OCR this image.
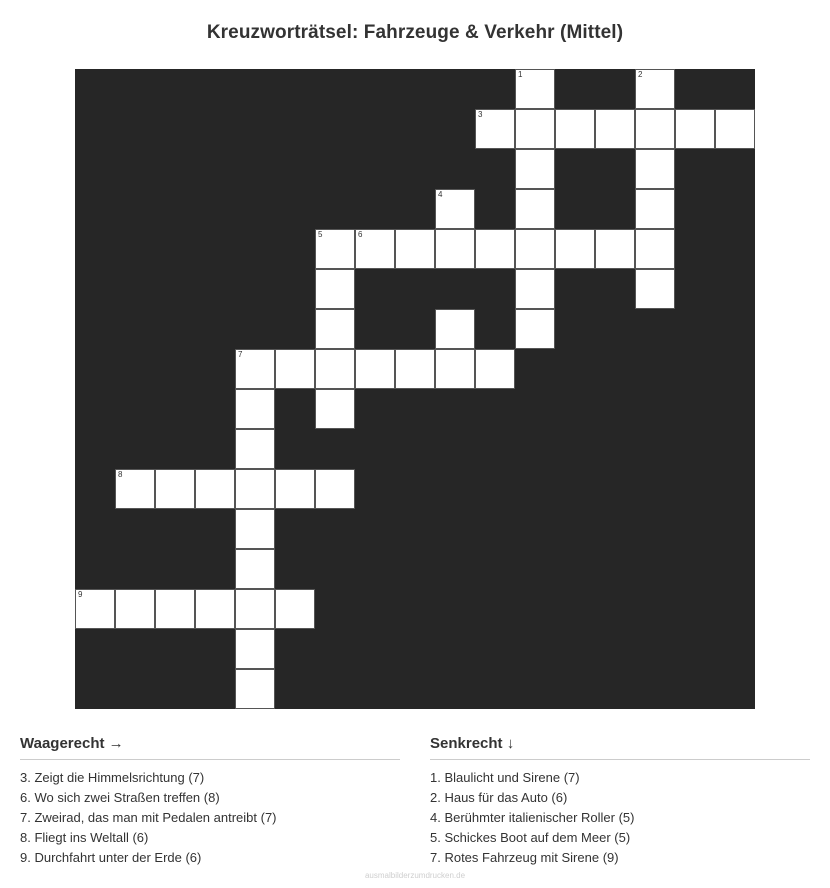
Kreuzworträtsel: Fahrzeuge & Verkehr (Mittel)
1	2
3
4
5	6
7
8
9
Waagerecht →
3. Zeigt die Himmelsrichtung (7)
6. Wo sich zwei Straßen treffen (8)
7. Zweirad, das man mit Pedalen antreibt (7)
8. Fliegt ins Weltall (6)
9. Durchfahrt unter der Erde (6)
Senkrecht ↓
1. Blaulicht und Sirene (7)
2. Haus für das Auto (6)
4. Berühmter italienischer Roller (5)
5. Schickes Boot auf dem Meer (5)
7. Rotes Fahrzeug mit Sirene (9)
ausmalbilderzumdrucken.de
